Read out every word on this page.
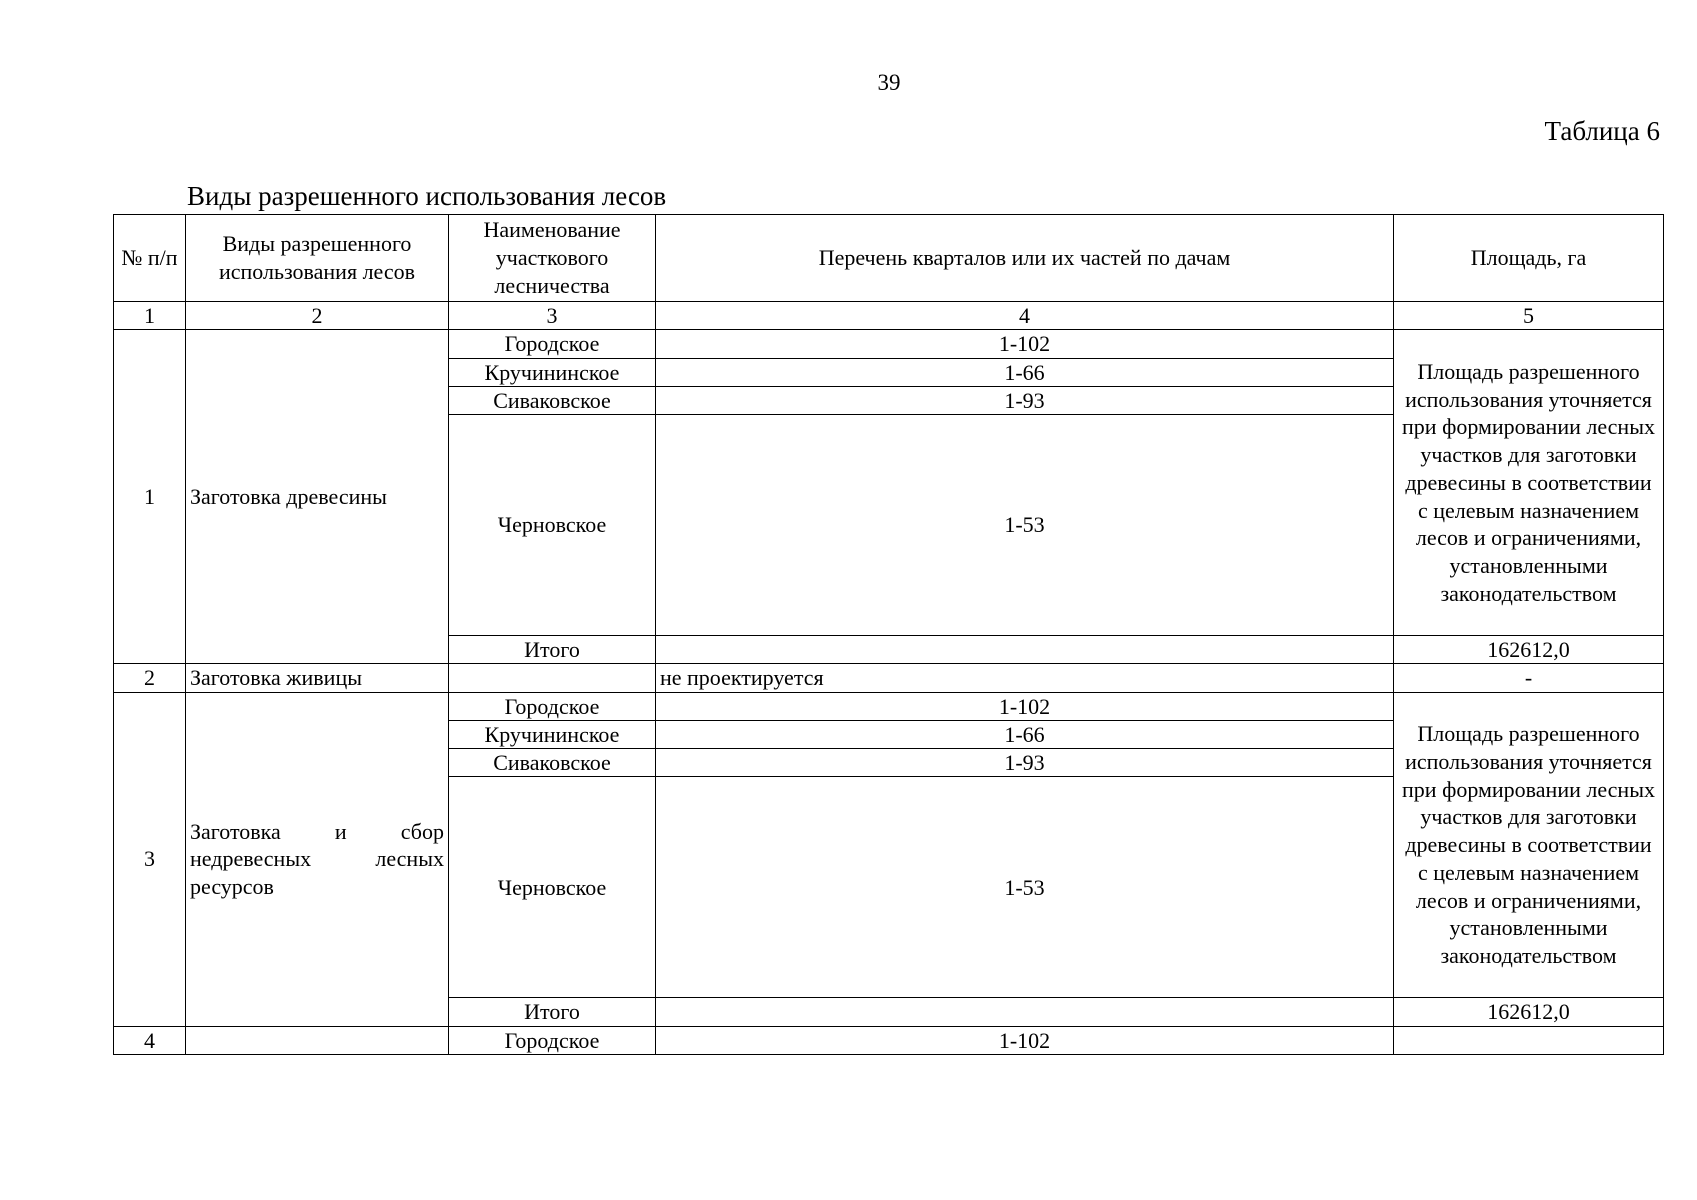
39
Таблица 6
Виды разрешенного использования лесов
№ п/п	Виды разрешенного использования лесов	Наименование участкового лесничества	Перечень кварталов или их частей по дачам	Площадь, га
1	2	3	4	5
1	Заготовка древесины	Городское	1-102	Площадь разрешенного использования уточняется при формировании лесных участков для заготовки древесины в соответствии с целевым назначением лесов и ограничениями, установленными законодательством
		Кручининское	1-66	
		Сиваковское	1-93	
		Черновское	1-53	
		Итого		162612,0
2	Заготовка живицы		не проектируется	-
3	Заготовка и сбор недревесных лесных ресурсов	Городское	1-102	Площадь разрешенного использования уточняется при формировании лесных участков для заготовки древесины в соответствии с целевым назначением лесов и ограничениями, установленными законодательством
		Кручининское	1-66	
		Сиваковское	1-93	
		Черновское	1-53	
		Итого		162612,0
4		Городское	1-102	
